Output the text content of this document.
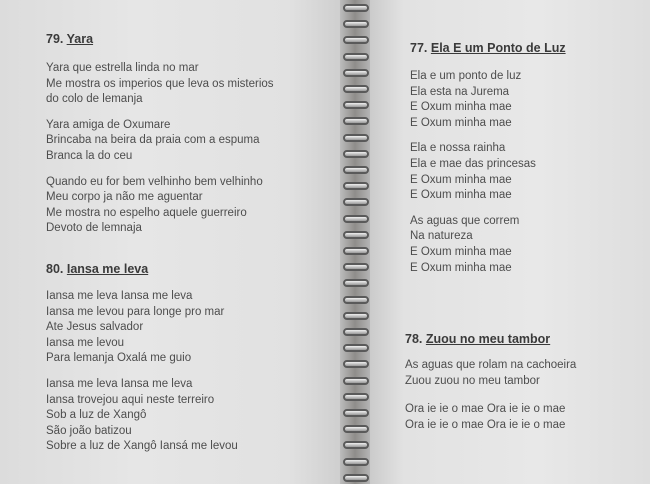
79. Yara

Yara que estrella linda no mar
Me mostra os imperios que leva os misterios
do colo de lemanja
Yara amiga de Oxumare
Brincaba na beira da praia com a espuma
Branca la do ceu
Quando eu for bem velhinho bem velhinho
Meu corpo ja não me aguentar
Me mostra no espelho aquele guerreiro
Devoto de lemnaja

80. Iansa me leva

Iansa me leva Iansa me leva
Iansa me levou para longe pro mar
Ate Jesus salvador
Iansa me levou
Para lemanja Oxalá me guio
Iansa me leva Iansa me leva
Iansa trovejou aqui neste terreiro
Sob a luz de Xangô
São joão batizou
Sobre a luz de Xangô Iansá me levou

77. Ela E um Ponto de Luz

Ela e um ponto de luz
Ela esta na Jurema
E Oxum minha mae
E Oxum minha mae
Ela e nossa rainha
Ela e mae das princesas
E Oxum minha mae
E Oxum minha mae
As aguas que correm
Na natureza
E Oxum minha mae
E Oxum minha mae

78. Zuou no meu tambor

As aguas que rolam na cachoeira
Zuou zuou no meu tambor
Ora ie ie o mae Ora ie ie o mae
Ora ie ie o mae Ora ie ie o mae
